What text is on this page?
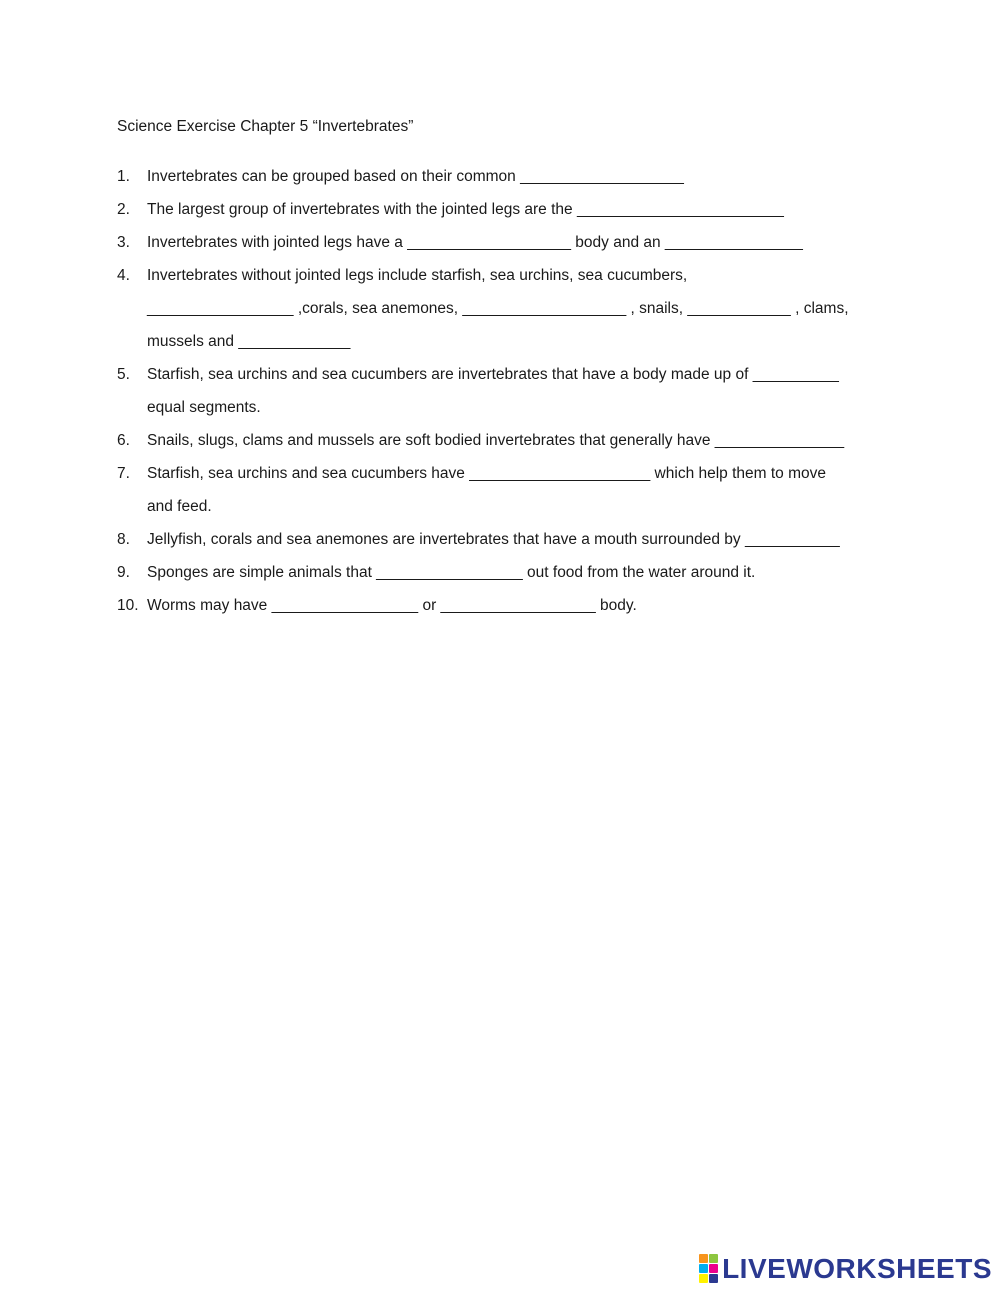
Science Exercise Chapter 5 “Invertebrates”
1.	Invertebrates can be grouped based on their common ___________________
2.	The largest group of invertebrates with the jointed legs are the ________________________
3.	Invertebrates with jointed legs have a ___________________ body and an ________________
4.	Invertebrates without jointed legs include starfish, sea urchins, sea cucumbers,
_________________ ,corals, sea anemones, ___________________ , snails, ____________ , clams,
mussels and _____________
5.	Starfish, sea urchins and sea cucumbers are invertebrates that have a body made up of __________
equal segments.
6.	Snails, slugs, clams and mussels are soft bodied invertebrates that generally have _______________
7.	Starfish, sea urchins and sea cucumbers have _____________________ which help them to move
and feed.
8.	Jellyfish, corals and sea anemones are invertebrates that have a mouth surrounded by ___________
9.	Sponges are simple animals that _________________ out food from the water around it.
10. Worms may have _________________ or __________________ body.
LIVEWORKSHEETS
